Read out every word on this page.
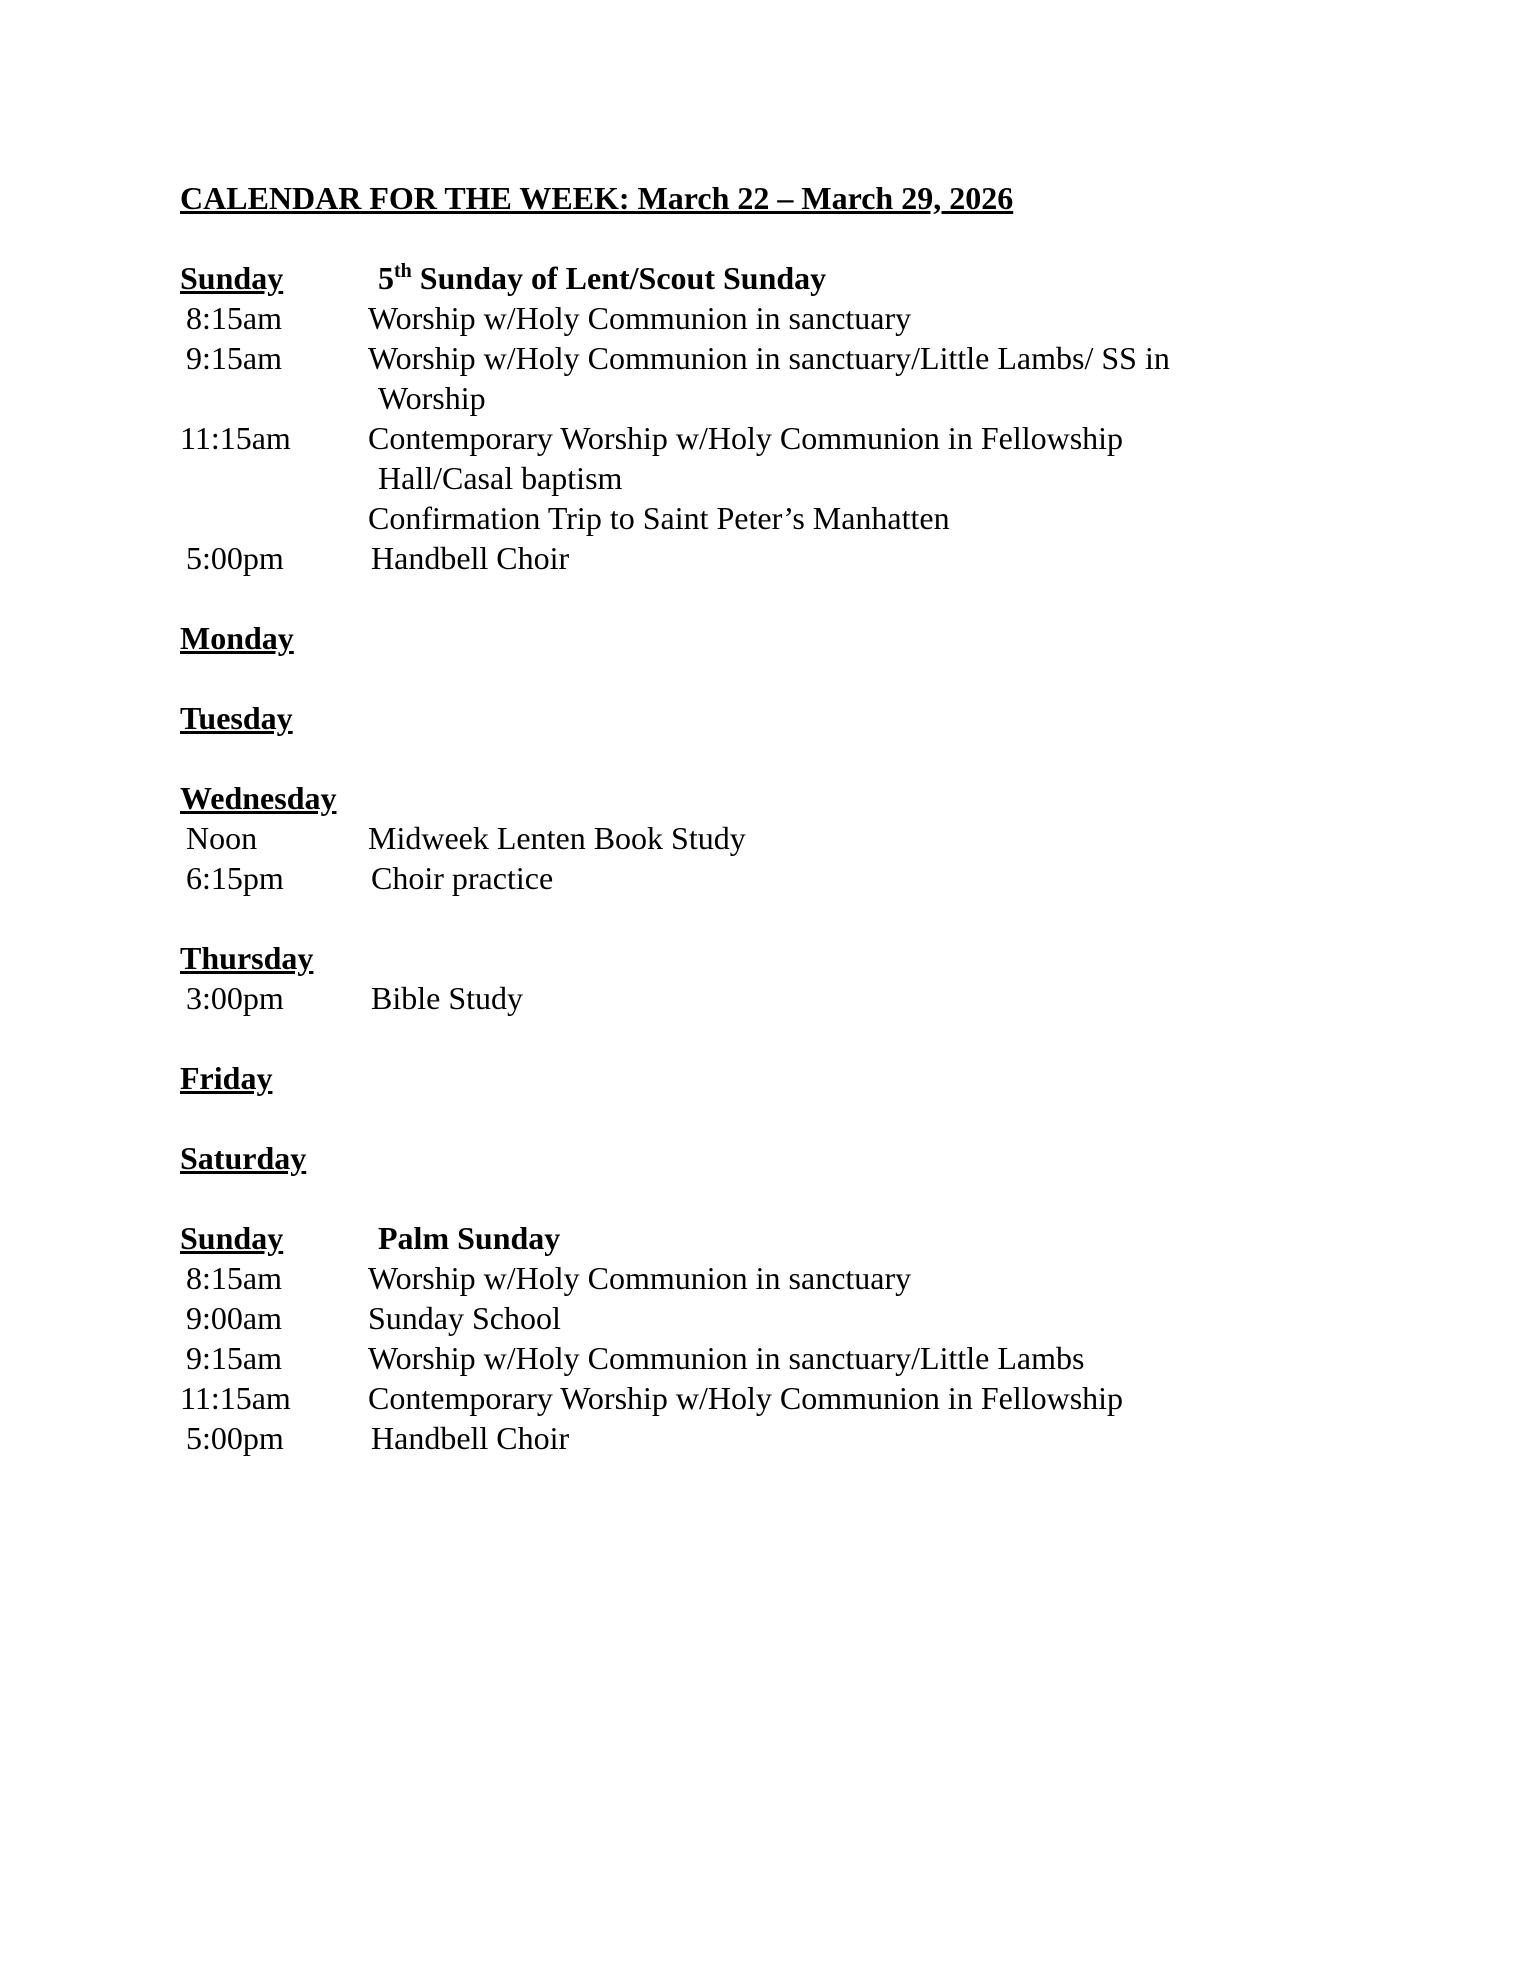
CALENDAR FOR THE WEEK: March 22 – March 29, 2026
Sunday	5th Sunday of Lent/Scout Sunday
8:15am	Worship w/Holy Communion in sanctuary
9:15am	Worship w/Holy Communion in sanctuary/Little Lambs/ SS in
Worship
11:15am	Contemporary Worship w/Holy Communion in Fellowship
Hall/Casal baptism
Confirmation Trip to Saint Peter’s Manhatten
5:00pm	Handbell Choir
Monday
Tuesday
Wednesday
Noon	Midweek Lenten Book Study
6:15pm	Choir practice
Thursday
3:00pm	Bible Study
Friday
Saturday
Sunday	Palm Sunday
8:15am	Worship w/Holy Communion in sanctuary
9:00am	Sunday School
9:15am	Worship w/Holy Communion in sanctuary/Little Lambs
11:15am	Contemporary Worship w/Holy Communion in Fellowship
5:00pm	Handbell Choir
